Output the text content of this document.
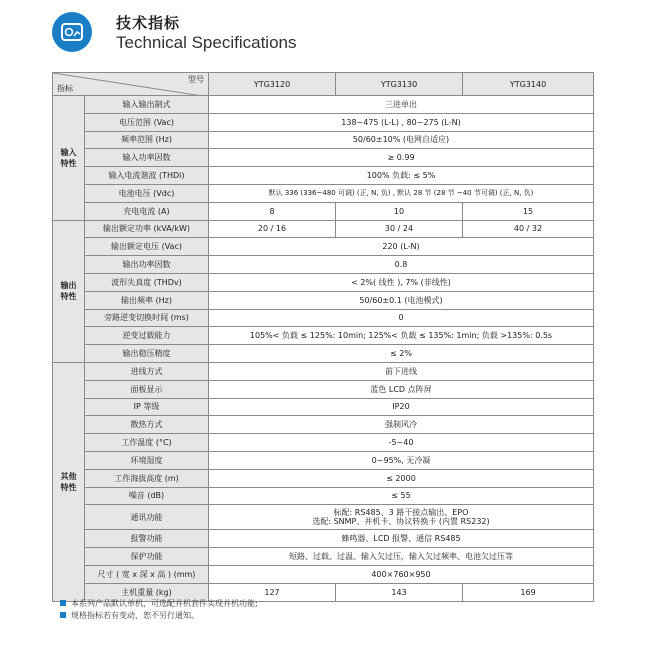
技术指标
Technical Specifications
型号
指标		YTG3120	YTG3130	YTG3140
输入
特性	输入输出制式	三进单出		
	电压范围 (Vac)	138~475 (L-L) , 80~275 (L-N)		
	频率范围 (Hz)	50/60±10% (电网自适应)		
	输入功率因数	≥ 0.99		
	输入电流谐波 (THDi)	100% 负载: ≤ 5%		
	电池电压 (Vdc)	默认 336 (336~480 可调) (正, N, 负) , 默认 28 节 (28 节 ~40 节可调) (正, N, 负)		
	充电电流 (A)	8	10	15
输出
特性	输出额定功率 (kVA/kW)	20 / 16	30 / 24	40 / 32
	输出额定电压 (Vac)	220 (L-N)		
	输出功率因数	0.8		
	波形失真度 (THDv)	< 2%( 线性 ), 7% (非线性)		
	输出频率 (Hz)	50/60±0.1 (电池模式)		
	旁路逆变切换时间 (ms)	0		
	逆变过载能力	105%< 负载 ≤ 125%: 10min; 125%< 负载 ≤ 135%: 1min; 负载 >135%: 0.5s		
	输出稳压精度	≤ 2%		
其他
特性	进线方式	前下进线		
	面板显示	蓝色 LCD 点阵屏		
	IP 等级	IP20		
	散热方式	强制风冷		
	工作温度 (°C)	-5~40		
	环境湿度	0~95%, 无冷凝		
	工作海拔高度 (m)	≤ 2000		
	噪音 (dB)	≤ 55		
	通讯功能	标配: RS485、3 路干接点输出、EPO
选配: SNMP、并机卡、协议转换卡 (内置 RS232)		

	报警功能	蜂鸣器、LCD 报警、通信 RS485		
	保护功能	短路、过载、过温、输入欠过压，输入欠过频率、电池欠过压等		
	尺寸 ( 宽 x 深 x 高 ) (mm)	400×760×950		
	主机重量 (kg)	127	143	169
本系列产品默认单机，可选配并机套件实现并机功能;
规格指标若有变动，恕不另行通知。
